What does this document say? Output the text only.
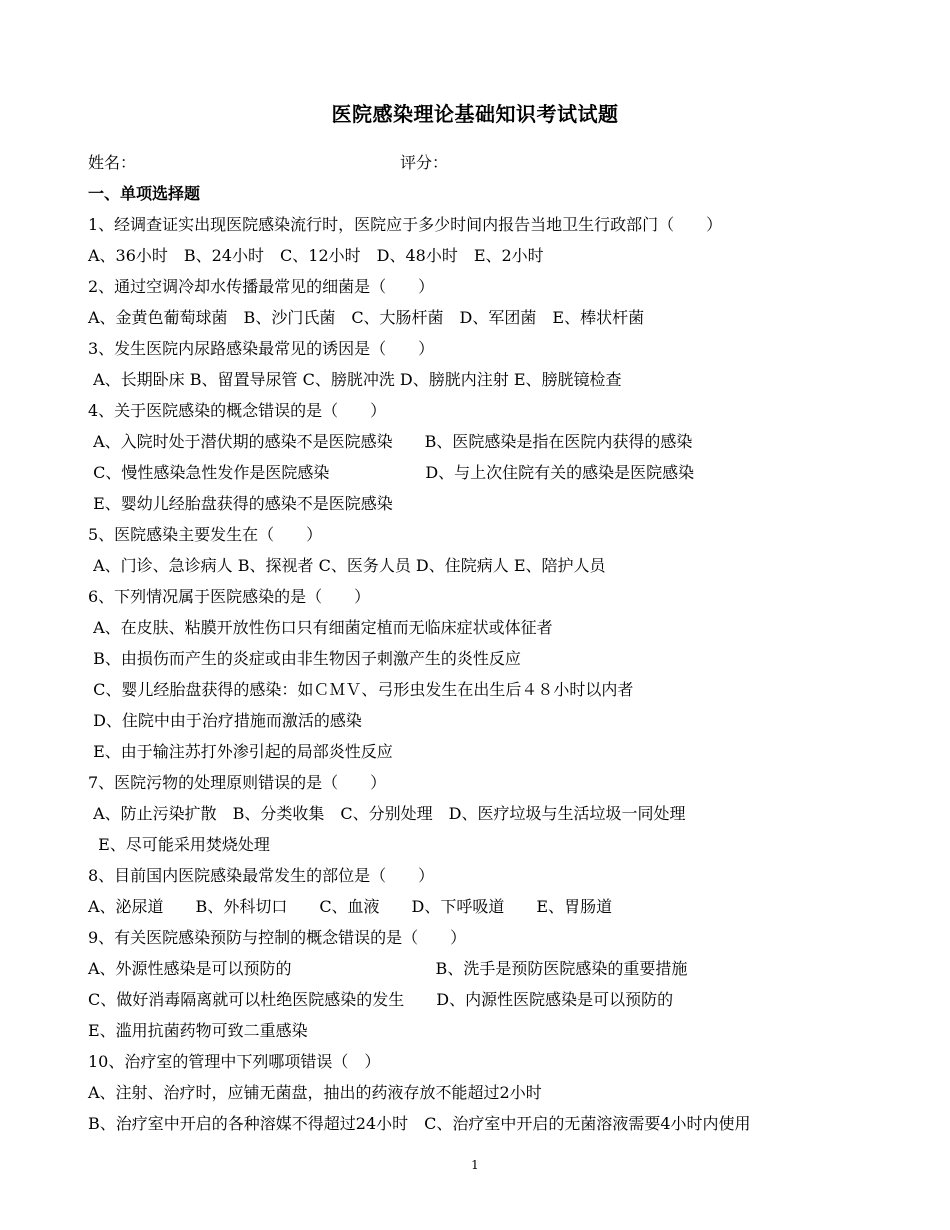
医院感染理论基础知识考试试题
姓名：	评分：
一、单项选择题
1、经调查证实出现医院感染流行时，医院应于多少时间内报告当地卫生行政部门（　　）
A、36小时　B、24小时　C、12小时　D、48小时　E、2小时
2、通过空调冷却水传播最常见的细菌是（　　）
A、金黄色葡萄球菌　B、沙门氏菌　C、大肠杆菌　D、军团菌　E、棒状杆菌
3、发生医院内尿路感染最常见的诱因是（　　）
A、长期卧床 B、留置导尿管 C、膀胱冲洗 D、膀胱内注射 E、膀胱镜检查
4、关于医院感染的概念错误的是（　　）
A、入院时处于潜伏期的感染不是医院感染　　B、医院感染是指在医院内获得的感染
C、慢性感染急性发作是医院感染　　　　　　D、与上次住院有关的感染是医院感染
E、婴幼儿经胎盘获得的感染不是医院感染
5、医院感染主要发生在（　　）
A、门诊、急诊病人 B、探视者 C、医务人员 D、住院病人 E、陪护人员
6、下列情况属于医院感染的是（　　）
A、在皮肤、粘膜开放性伤口只有细菌定植而无临床症状或体征者
B、由损伤而产生的炎症或由非生物因子刺激产生的炎性反应
C、婴儿经胎盘获得的感染：如ＣＭＶ、弓形虫发生在出生后４８小时以内者
D、住院中由于治疗措施而激活的感染
E、由于输注苏打外渗引起的局部炎性反应
7、医院污物的处理原则错误的是（　　）
A、防止污染扩散　B、分类收集　C、分别处理　D、医疗垃圾与生活垃圾一同处理
E、尽可能采用焚烧处理
8、目前国内医院感染最常发生的部位是（　　）
A、泌尿道　　B、外科切口　　C、血液　　D、下呼吸道　　E、胃肠道
9、有关医院感染预防与控制的概念错误的是（　　）
A、外源性感染是可以预防的　　　　　　　　　B、洗手是预防医院感染的重要措施
C、做好消毒隔离就可以杜绝医院感染的发生　　D、内源性医院感染是可以预防的
E、滥用抗菌药物可致二重感染
10、治疗室的管理中下列哪项错误（　）
A、注射、治疗时，应铺无菌盘，抽出的药液存放不能超过2小时
B、治疗室中开启的各种溶媒不得超过24小时　C、治疗室中开启的无菌溶液需要4小时内使用
1
